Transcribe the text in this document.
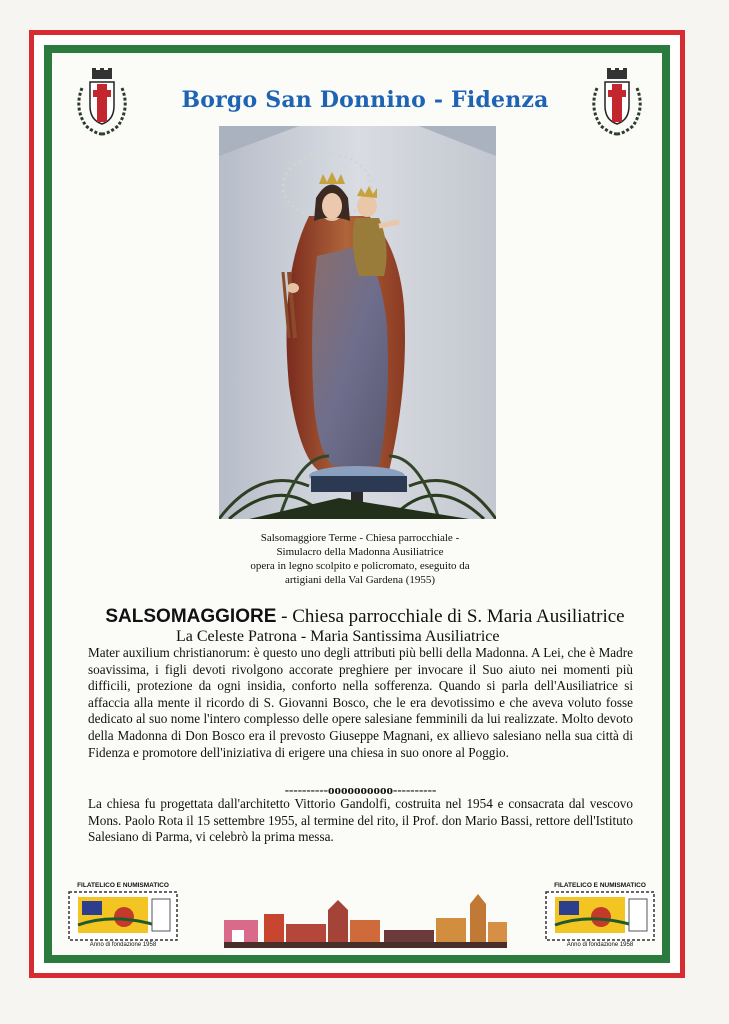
Borgo San Donnino - Fidenza
Salsomaggiore Terme - Chiesa parrocchiale -
Simulacro della Madonna Ausiliatrice
opera in legno scolpito e policromato, eseguito da
artigiani della Val Gardena (1955)
SALSOMAGGIORE - Chiesa parrocchiale di S. Maria Ausiliatrice
La Celeste Patrona - Maria Santissima Ausiliatrice
Mater auxilium christianorum: è questo uno degli attributi più belli della Madonna. A Lei, che è Madre soavissima, i figli devoti rivolgono accorate preghiere per invocare il Suo aiuto nei momenti più difficili, protezione da ogni insidia, conforto nella sofferenza. Quando si parla dell'Ausiliatrice si affaccia alla mente il ricordo di S. Giovanni Bosco, che le era devotissimo e che aveva voluto fosse dedicato al suo nome l'intero complesso delle opere salesiane femminili da lui realizzate. Molto devoto della Madonna di Don Bosco era il prevosto Giuseppe Magnani, ex allievo salesiano nella sua città di Fidenza e promotore dell'iniziativa di erigere una chiesa in suo onore al Poggio.
----------oooooooooo----------
La chiesa fu progettata dall'architetto Vittorio Gandolfi, costruita nel 1954 e consacrata dal vescovo Mons. Paolo Rota il 15 settembre 1955, al termine del rito, il Prof. don Mario Bassi, rettore dell'Istituto Salesiano di Parma, vi celebrò la prima messa.
FILATELICO E NUMISMATICO
Anno di fondazione 1958
FILATELICO E NUMISMATICO
Anno di fondazione 1958
